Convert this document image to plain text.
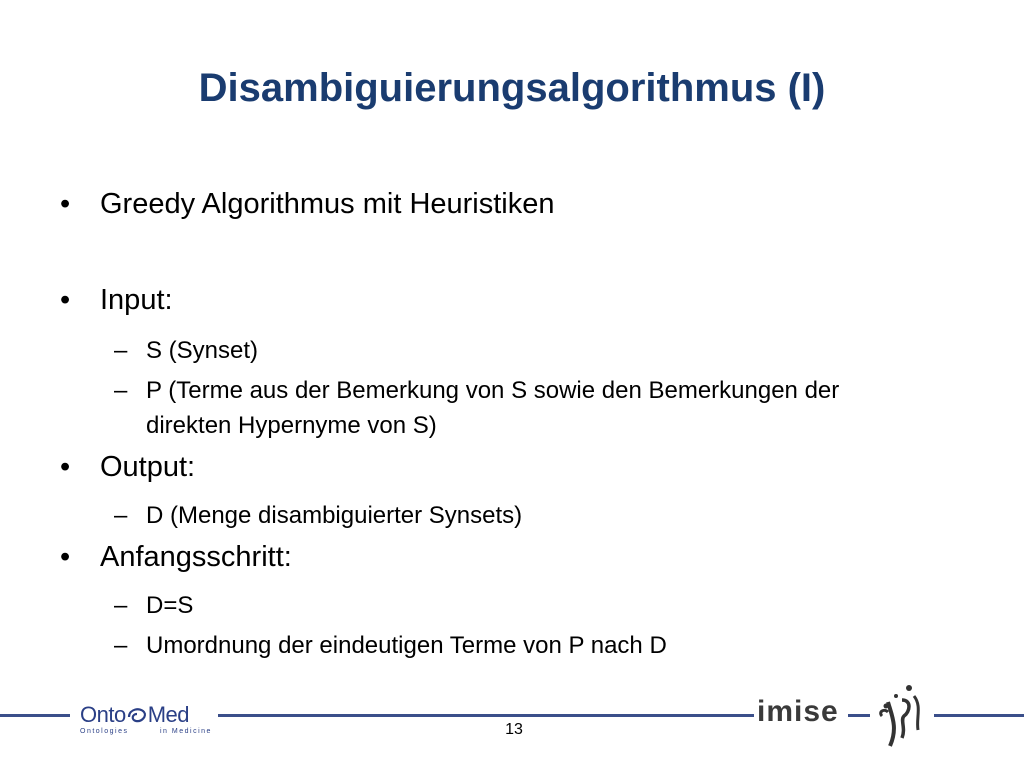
Disambiguierungsalgorithmus (I)
•	Greedy Algorithmus mit Heuristiken
•	Input:
– S (Synset)
– P (Terme aus der Bemerkung von S sowie den Bemerkungen der direkten Hypernyme von S)
•	Output:
– D (Menge disambiguierter Synsets)
•	Anfangsschritt:
– D=S
– Umordnung der eindeutigen Terme von P nach D
Onto Med
Ontologies	in Medicine	13
imise
